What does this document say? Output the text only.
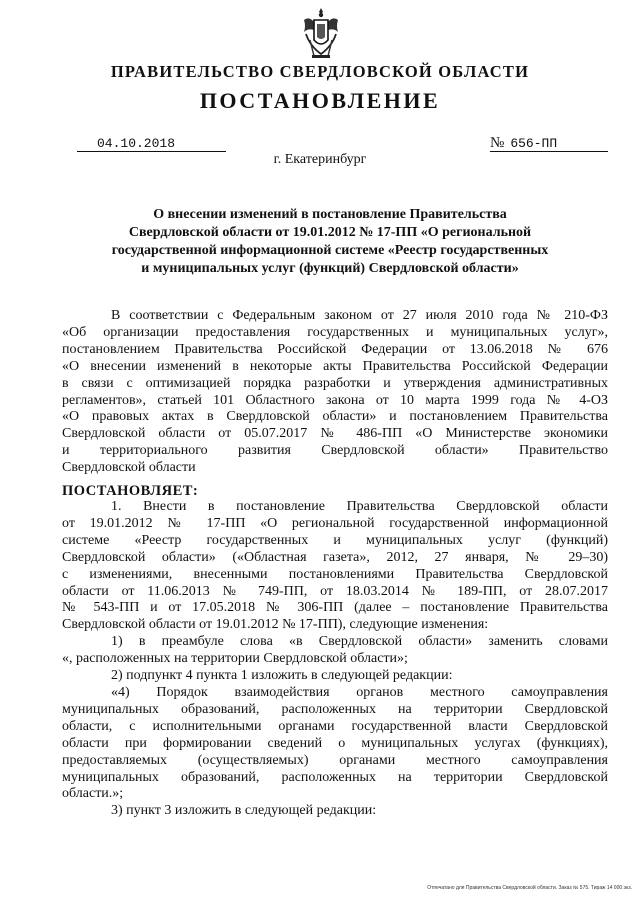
ПРАВИТЕЛЬСТВО СВЕРДЛОВСКОЙ ОБЛАСТИ
ПОСТАНОВЛЕНИЕ
04.10.2018	№ 656-ПП
г. Екатеринбург
О внесении изменений в постановление Правительства
Свердловской области от 19.01.2012 № 17-ПП «О региональной
государственной информационной системе «Реестр государственных
и муниципальных услуг (функций) Свердловской области»

В соответствии с Федеральным законом от 27 июля 2010 года № 210-ФЗ

«Об организации предоставления государственных и муниципальных услуг»,

постановлением Правительства Российской Федерации от 13.06.2018 № 676

«О внесении изменений в некоторые акты Правительства Российской Федерации

в связи с оптимизацией порядка разработки и утверждения административных

регламентов», статьей 101 Областного закона от 10 марта 1999 года № 4-ОЗ

«О правовых актах в Свердловской области» и постановлением Правительства

Свердловской области от 05.07.2017 № 486-ПП «О Министерстве экономики

и территориального развития Свердловской области» Правительство

Свердловской области

ПОСТАНОВЛЯЕТ:

1. Внести в постановление Правительства Свердловской области

от 19.01.2012 № 17-ПП «О региональной государственной информационной

системе «Реестр государственных и муниципальных услуг (функций)

Свердловской области» («Областная газета», 2012, 27 января, № 29–30)

с изменениями, внесенными постановлениями Правительства Свердловской

области от 11.06.2013 № 749-ПП, от 18.03.2014 № 189-ПП, от 28.07.2017

№ 543-ПП и от 17.05.2018 № 306-ПП (далее – постановление Правительства

Свердловской области от 19.01.2012 № 17-ПП), следующие изменения:

1) в преамбуле слова «в Свердловской области» заменить словами

«, расположенных на территории Свердловской области»;

2) подпункт 4 пункта 1 изложить в следующей редакции:

«4) Порядок взаимодействия органов местного самоуправления

муниципальных образований, расположенных на территории Свердловской

области, с исполнительными органами государственной власти Свердловской

области при формировании сведений о муниципальных услугах (функциях),

предоставляемых (осуществляемых) органами местного самоуправления

муниципальных образований, расположенных на территории Свердловской

области.»;

3) пункт 3 изложить в следующей редакции:

Отпечатано для Правительства Свердловской области. Заказ № 575. Тираж 14 000 экз.
